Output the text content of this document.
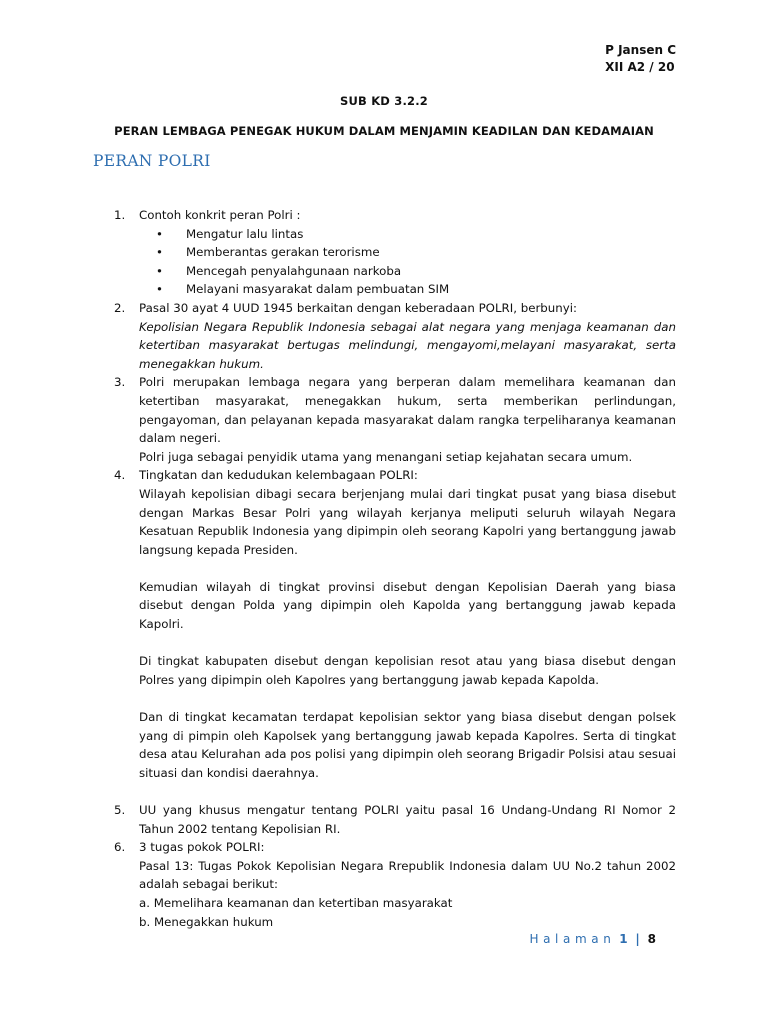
P Jansen C
XII A2 / 20
SUB KD 3.2.2
PERAN LEMBAGA PENEGAK HUKUM DALAM MENJAMIN KEADILAN DAN KEDAMAIAN
PERAN POLRI
1. Contoh konkrit peran Polri :
• Mengatur lalu lintas
• Memberantas gerakan terorisme
• Mencegah penyalahgunaan narkoba
• Melayani masyarakat dalam pembuatan SIM
2. Pasal 30 ayat 4 UUD 1945 berkaitan dengan keberadaan POLRI, berbunyi:
Kepolisian Negara Republik Indonesia sebagai alat negara yang menjaga keamanan dan ketertiban masyarakat bertugas melindungi, mengayomi,melayani masyarakat, serta menegakkan hukum.
3. Polri merupakan lembaga negara yang berperan dalam memelihara keamanan dan ketertiban masyarakat, menegakkan hukum, serta memberikan perlindungan, pengayoman, dan pelayanan kepada masyarakat dalam rangka terpeliharanya keamanan dalam negeri.
Polri juga sebagai penyidik utama yang menangani setiap kejahatan secara umum.
4. Tingkatan dan kedudukan kelembagaan POLRI:
Wilayah kepolisian dibagi secara berjenjang mulai dari tingkat pusat yang biasa disebut dengan Markas Besar Polri yang wilayah kerjanya meliputi seluruh wilayah Negara Kesatuan Republik Indonesia yang dipimpin oleh seorang Kapolri yang bertanggung jawab langsung kepada Presiden.
Kemudian wilayah di tingkat provinsi disebut dengan Kepolisian Daerah yang biasa disebut dengan Polda yang dipimpin oleh Kapolda yang bertanggung jawab kepada Kapolri.
Di tingkat kabupaten disebut dengan kepolisian resot atau yang biasa disebut dengan Polres yang dipimpin oleh Kapolres yang bertanggung jawab kepada Kapolda.
Dan di tingkat kecamatan terdapat kepolisian sektor yang biasa disebut dengan polsek yang di pimpin oleh Kapolsek yang bertanggung jawab kepada Kapolres. Serta di tingkat desa atau Kelurahan ada pos polisi yang dipimpin oleh seorang Brigadir Polsisi atau sesuai situasi dan kondisi daerahnya.
5. UU yang khusus mengatur tentang POLRI yaitu pasal 16 Undang-Undang RI Nomor 2 Tahun 2002 tentang Kepolisian RI.
6. 3 tugas pokok POLRI:
Pasal 13: Tugas Pokok Kepolisian Negara Rrepublik Indonesia dalam UU No.2 tahun 2002 adalah sebagai berikut:
a. Memelihara keamanan dan ketertiban masyarakat
b. Menegakkan hukum
Halaman 1 | 8
